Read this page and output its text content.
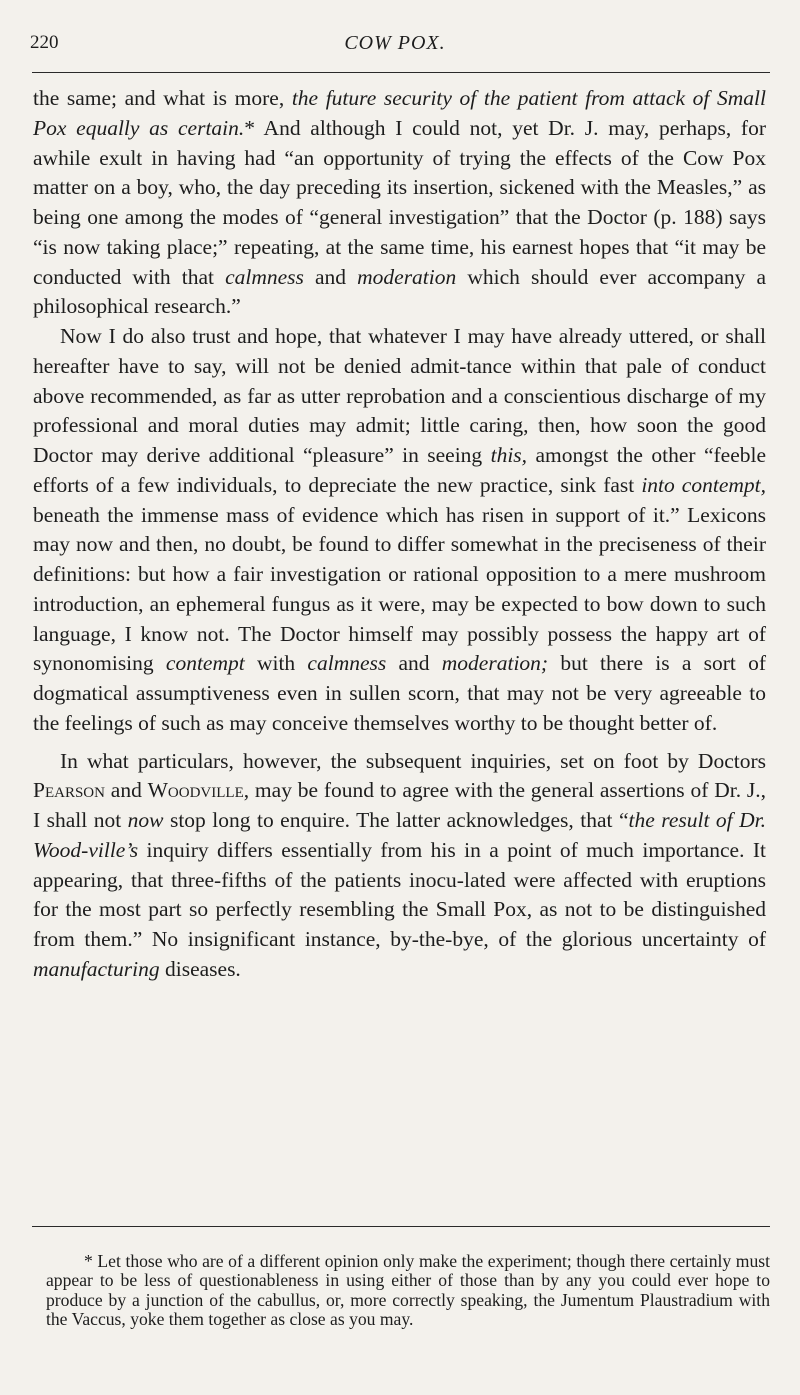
220	COW POX.

the same; and what is more, the future security of the patient from attack of Small Pox equally as certain.* And although I could not, yet Dr. J. may, perhaps, for awhile exult in having had “an opportunity of trying the effects of the Cow Pox matter on a boy, who, the day preceding its insertion, sickened with the Measles,” as being one among the modes of “general investigation” that the Doctor (p. 188) says “is now taking place;” repeating, at the same time, his earnest hopes that “it may be conducted with that calmness and moderation which should ever accompany a philosophical research.”

Now I do also trust and hope, that whatever I may have already uttered, or shall hereafter have to say, will not be denied admit-tance within that pale of conduct above recommended, as far as utter reprobation and a conscientious discharge of my professional and moral duties may admit; little caring, then, how soon the good Doctor may derive additional “pleasure” in seeing this, amongst the other “feeble efforts of a few individuals, to depreciate the new practice, sink fast into contempt, beneath the immense mass of evidence which has risen in support of it.” Lexicons may now and then, no doubt, be found to differ somewhat in the preciseness of their definitions: but how a fair investigation or rational opposition to a mere mushroom introduction, an ephemeral fungus as it were, may be expected to bow down to such language, I know not. The Doctor himself may possibly possess the happy art of synonomising contempt with calmness and moderation; but there is a sort of dogmatical assumptiveness even in sullen scorn, that may not be very agreeable to the feelings of such as may conceive themselves worthy to be thought better of.

In what particulars, however, the subsequent inquiries, set on foot by Doctors Pearson and Woodville, may be found to agree with the general assertions of Dr. J., I shall not now stop long to enquire. The latter acknowledges, that “the result of Dr. Wood-ville’s inquiry differs essentially from his in a point of much importance. It appearing, that three-fifths of the patients inocu-lated were affected with eruptions for the most part so perfectly resembling the Small Pox, as not to be distinguished from them.” No insignificant instance, by-the-bye, of the glorious uncertainty of manufacturing diseases.

* Let those who are of a different opinion only make the experiment; though there certainly must appear to be less of questionableness in using either of those than by any you could ever hope to produce by a junction of the cabullus, or, more correctly speaking, the Jumentum Plaustradium with the Vaccus, yoke them together as close as you may.
